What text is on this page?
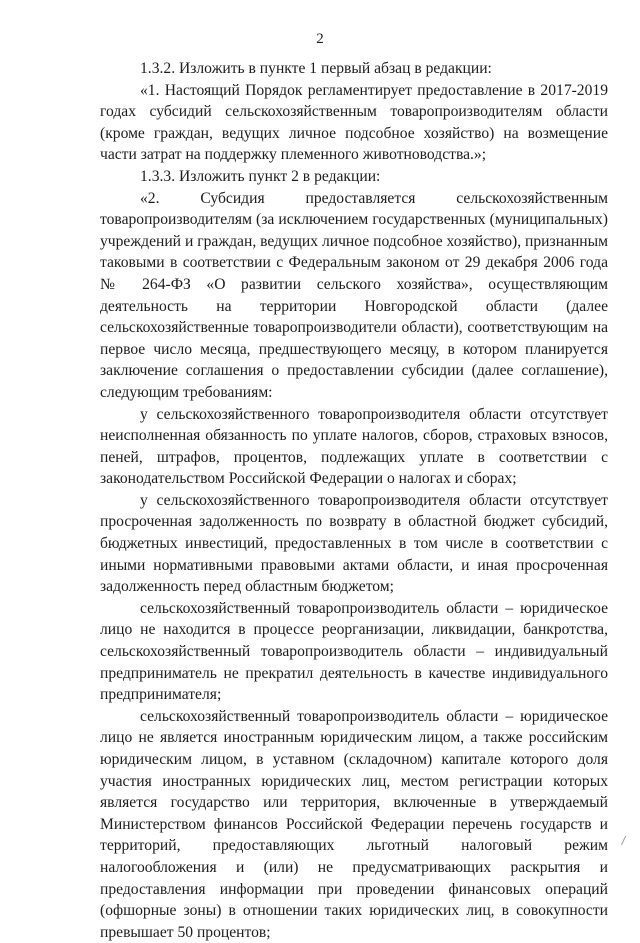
2

1.3.2. Изложить в пункте 1 первый абзац в редакции:

«1. Настоящий Порядок регламентирует предоставление в 2017-2019 годах субсидий сельскохозяйственным товаропроизводителям области (кроме граждан, ведущих личное подсобное хозяйство) на возмещение части затрат на поддержку племенного животноводства.»;

1.3.3. Изложить пункт 2 в редакции:

«2. Субсидия предоставляется сельскохозяйственным товаропроизводителям (за исключением государственных (муниципальных) учреждений и граждан, ведущих личное подсобное хозяйство), признанным таковыми в соответствии с Федеральным законом от 29 декабря 2006 года № 264-ФЗ «О развитии сельского хозяйства», осуществляющим деятельность на территории Новгородской области (далее сельскохозяйственные товаропроизводители области), соответствующим на первое число месяца, предшествующего месяцу, в котором планируется заключение соглашения о предоставлении субсидии (далее соглашение), следующим требованиям:

у сельскохозяйственного товаропроизводителя области отсутствует неисполненная обязанность по уплате налогов, сборов, страховых взносов, пеней, штрафов, процентов, подлежащих уплате в соответствии с законодательством Российской Федерации о налогах и сборах;

у сельскохозяйственного товаропроизводителя области отсутствует просроченная задолженность по возврату в областной бюджет субсидий, бюджетных инвестиций, предоставленных в том числе в соответствии с иными нормативными правовыми актами области, и иная просроченная задолженность перед областным бюджетом;

сельскохозяйственный товаропроизводитель области – юридическое лицо не находится в процессе реорганизации, ликвидации, банкротства, сельскохозяйственный товаропроизводитель области – индивидуальный предприниматель не прекратил деятельность в качестве индивидуального предпринимателя;

сельскохозяйственный товаропроизводитель области – юридическое лицо не является иностранным юридическим лицом, а также российским юридическим лицом, в уставном (складочном) капитале которого доля участия иностранных юридических лиц, местом регистрации которых является государство или территория, включенные в утверждаемый Министерством финансов Российской Федерации перечень государств и территорий, предоставляющих льготный налоговый режим налогообложения и (или) не предусматривающих раскрытия и предоставления информации при проведении финансовых операций (офшорные зоны) в отношении таких юридических лиц, в совокупности превышает 50 процентов;
